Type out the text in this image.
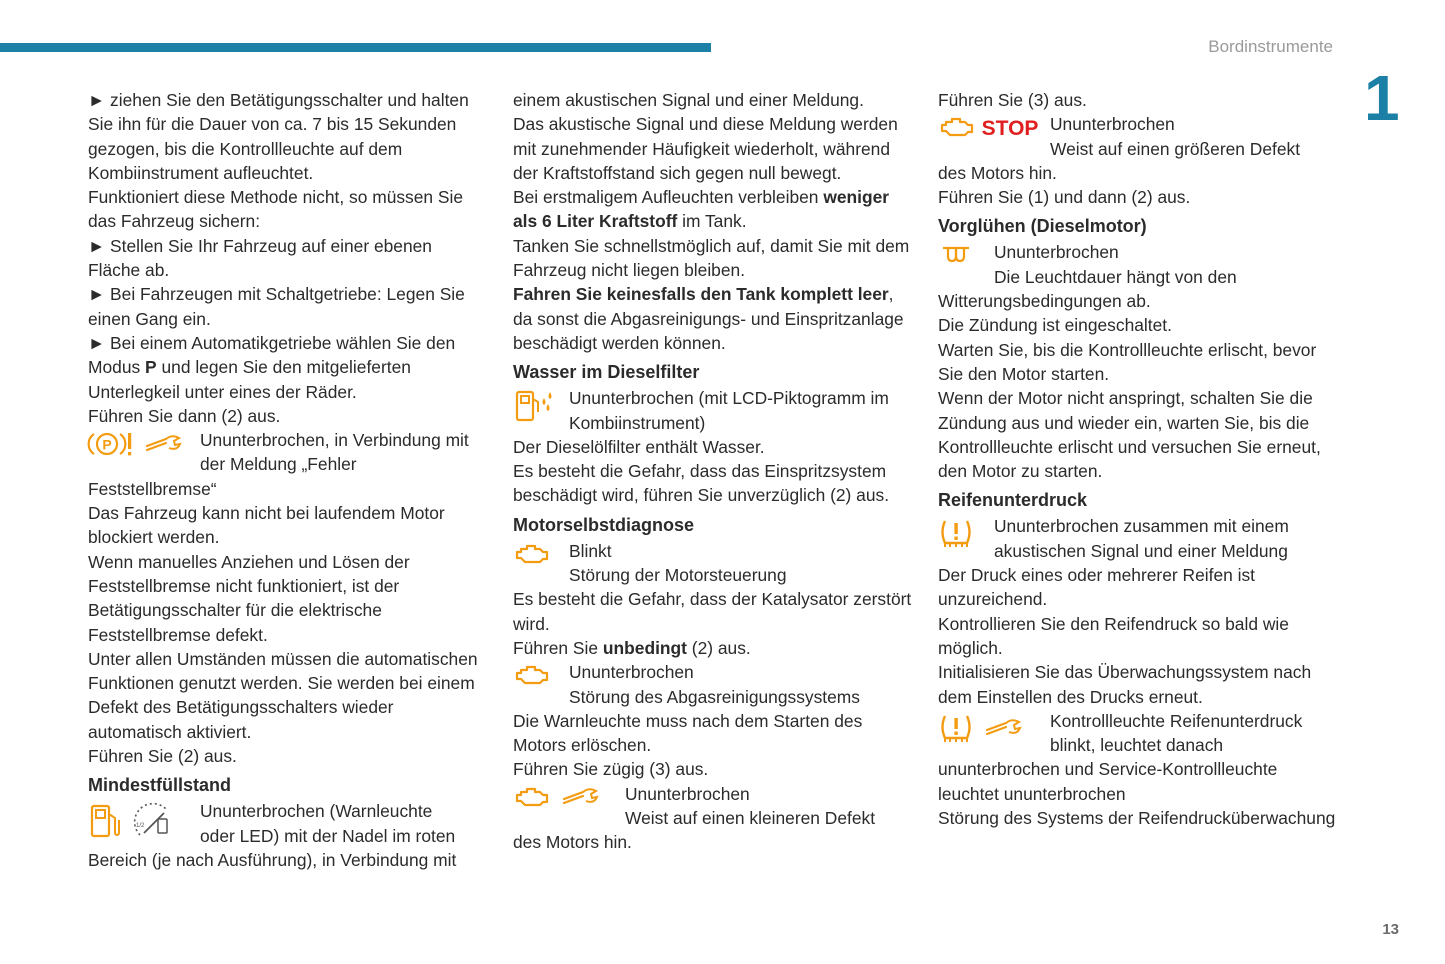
Bordinstrumente
1
13

► ziehen Sie den Betätigungsschalter und halten Sie ihn für die Dauer von ca. 7 bis 15 Sekunden gezogen, bis die Kontrollleuchte auf dem Kombiinstrument aufleuchtet.

Funktioniert diese Methode nicht, so müssen Sie das Fahrzeug sichern:

► Stellen Sie Ihr Fahrzeug auf einer ebenen Fläche ab.

► Bei Fahrzeugen mit Schaltgetriebe: Legen Sie einen Gang ein.

► Bei einem Automatikgetriebe wählen Sie den Modus P und legen Sie den mitgelieferten Unterlegkeil unter eines der Räder.

Führen Sie dann (2) aus.

P	Ununterbrochen, in Verbindung mit

der Meldung „Fehler

Feststellbremse“

Das Fahrzeug kann nicht bei laufendem Motor blockiert werden.

Wenn manuelles Anziehen und Lösen der Feststellbremse nicht funktioniert, ist der Betätigungsschalter für die elektrische Feststellbremse defekt.

Unter allen Umständen müssen die automatischen Funktionen genutzt werden. Sie werden bei einem Defekt des Betätigungsschalters wieder automatisch aktiviert.

Führen Sie (2) aus.

Mindestfüllstand
1/2

Ununterbrochen (Warnleuchte

oder LED) mit der Nadel im roten

Bereich (je nach Ausführung), in Verbindung mit

einem akustischen Signal und einer Meldung.

Das akustische Signal und diese Meldung werden mit zunehmender Häufigkeit wiederholt, während der Kraftstoffstand sich gegen null bewegt.

Bei erstmaligem Aufleuchten verbleiben weniger als 6 Liter Kraftstoff im Tank.

Tanken Sie schnellstmöglich auf, damit Sie mit dem Fahrzeug nicht liegen bleiben.

Fahren Sie keinesfalls den Tank komplett leer, da sonst die Abgasreinigungs- und Einspritzanlage beschädigt werden können.

Wasser im Dieselfilter

Ununterbrochen (mit LCD-Piktogramm im

Kombiinstrument)

Der Dieselölfilter enthält Wasser.

Es besteht die Gefahr, dass das Einspritzsystem beschädigt wird, führen Sie unverzüglich (2) aus.

Motorselbstdiagnose

Blinkt

Störung der Motorsteuerung

Es besteht die Gefahr, dass der Katalysator zerstört wird.

Führen Sie unbedingt (2) aus.

Ununterbrochen

Störung des Abgasreinigungssystems

Die Warnleuchte muss nach dem Starten des Motors erlöschen.

Führen Sie zügig (3) aus.

Ununterbrochen

Weist auf einen kleineren Defekt

des Motors hin.

Führen Sie (3) aus.

STOP Ununterbrochen

Weist auf einen größeren Defekt

des Motors hin.

Führen Sie (1) und dann (2) aus.

Vorglühen (Dieselmotor)

Ununterbrochen

Die Leuchtdauer hängt von den

Witterungsbedingungen ab.

Die Zündung ist eingeschaltet.

Warten Sie, bis die Kontrollleuchte erlischt, bevor Sie den Motor starten.

Wenn der Motor nicht anspringt, schalten Sie die Zündung aus und wieder ein, warten Sie, bis die Kontrollleuchte erlischt und versuchen Sie erneut, den Motor zu starten.

Reifenunterdruck

Ununterbrochen zusammen mit einem

akustischen Signal und einer Meldung

Der Druck eines oder mehrerer Reifen ist unzureichend.

Kontrollieren Sie den Reifendruck so bald wie möglich.

Initialisieren Sie das Überwachungssystem nach dem Einstellen des Drucks erneut.

Kontrollleuchte Reifenunterdruck

blinkt, leuchtet danach

ununterbrochen und Service-Kontrollleuchte leuchtet ununterbrochen

Störung des Systems der Reifendrucküberwachung
